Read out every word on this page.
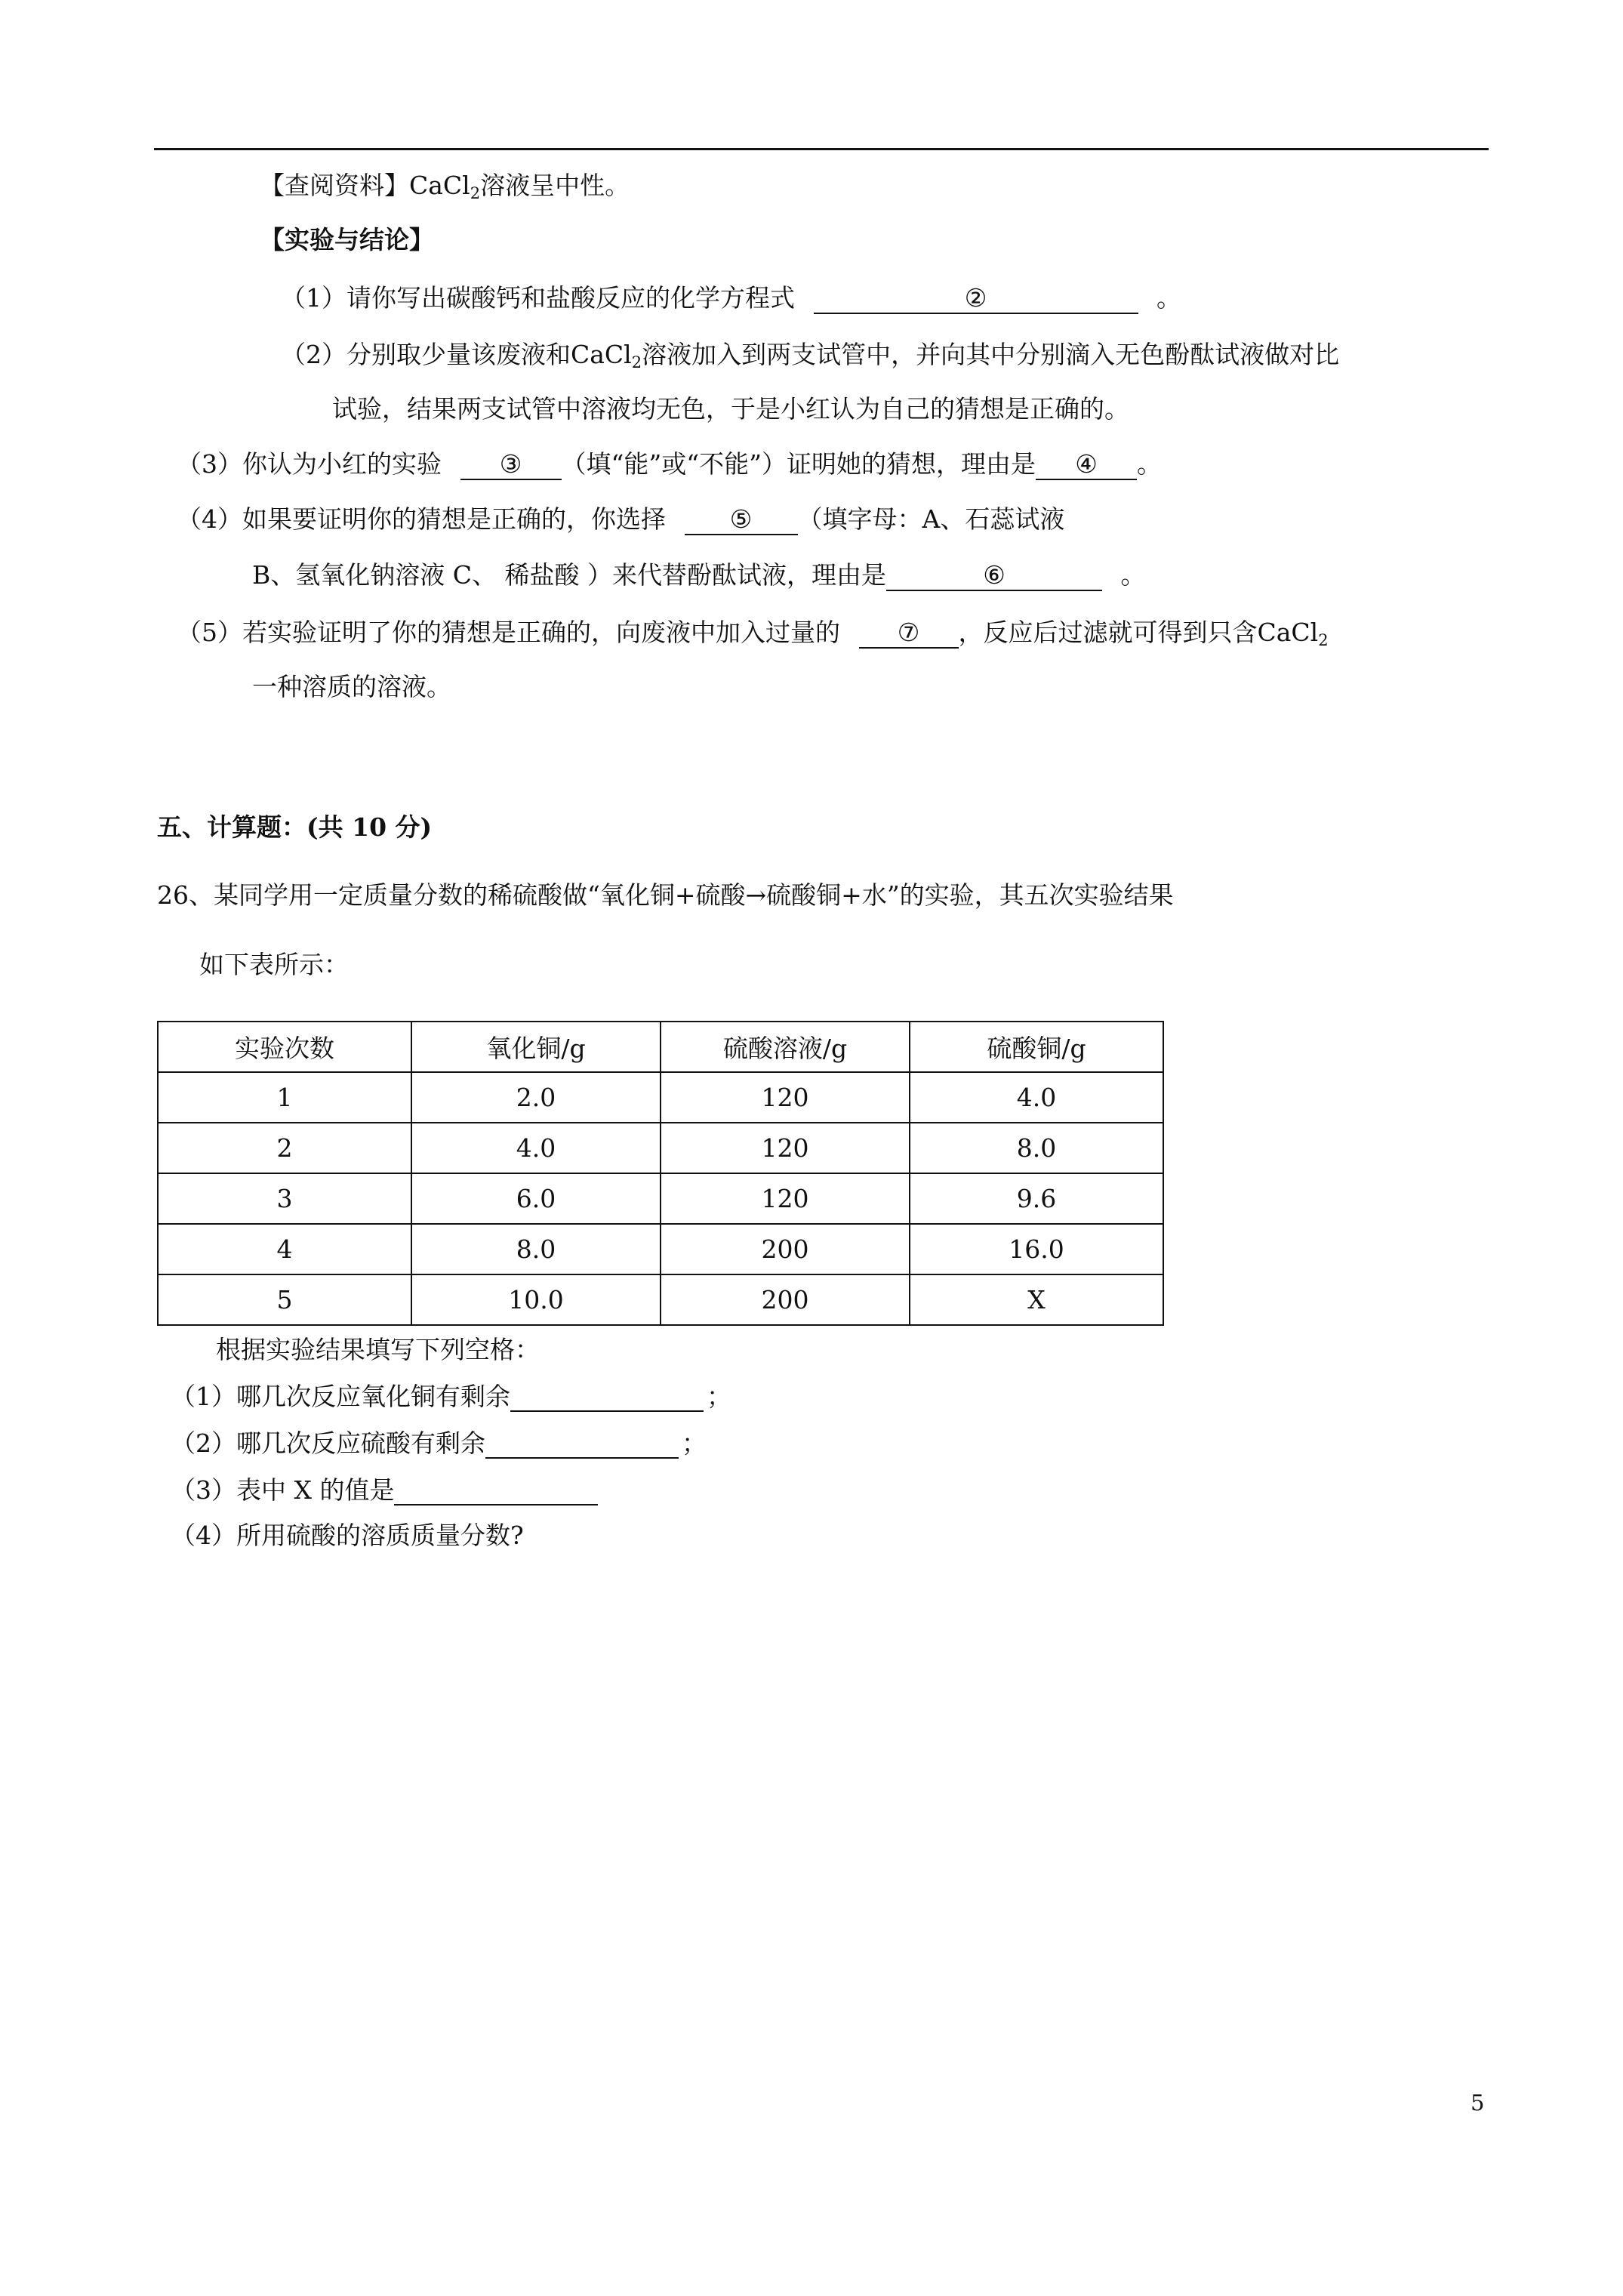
【查阅资料】CaCl$_2$溶液呈中性。
【实验与结论】
（1）请你写出碳酸钙和盐酸反应的化学方程式	②	。
（2）分别取少量该废液和CaCl$_2$溶液加入到两支试管中，并向其中分别滴入无色酚酞试液做对比
试验，结果两支试管中溶液均无色，于是小红认为自己的猜想是正确的。
（3）你认为小红的实验 ③ （填“能”或“不能”）证明她的猜想，理由是 ④ 。
（4）如果要证明你的猜想是正确的，你选择	⑤ （填字母：A、石蕊试液
B、氢氧化钠溶液 C、 稀盐酸 ）来代替酚酞试液，理由是	⑥	。
（5）若实验证明了你的猜想是正确的，向废液中加入过量的 ⑦ ，反应后过滤就可得到只含CaCl$_2$
一种溶质的溶液。
五、计算题：(共 10 分)
26、某同学用一定质量分数的稀硫酸做“氧化铜+硫酸→硫酸铜+水”的实验，其五次实验结果
如下表所示：
实验次数	氧化铜/g	硫酸溶液/g	硫酸铜/g
1	2.0	120	4.0
2	4.0	120	8.0
3	6.0	120	9.6
4	8.0	200	16.0
5	10.0	200	X
根据实验结果填写下列空格：
（1）哪几次反应氧化铜有剩余	；
（2）哪几次反应硫酸有剩余	；
（3）表中 X 的值是
（4）所用硫酸的溶质质量分数?
5
